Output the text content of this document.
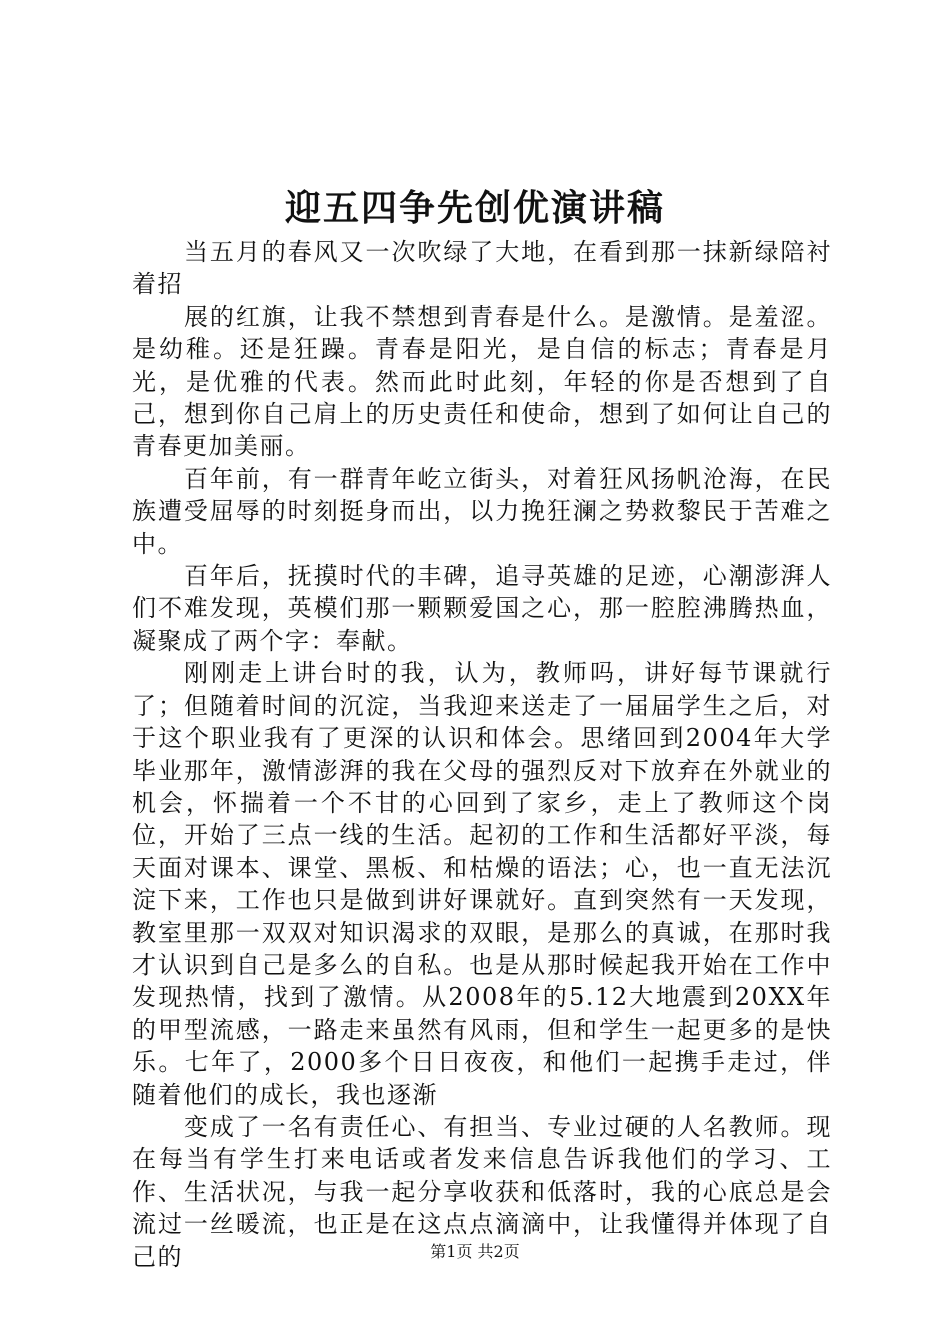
迎五四争先创优演讲稿

当五月的春风又一次吹绿了大地，在看到那一抹新绿陪衬着招

展的红旗，让我不禁想到青春是什么。是激情。是羞涩。是幼稚。还是狂躁。青春是阳光，是自信的标志；青春是月光，是优雅的代表。然而此时此刻，年轻的你是否想到了自己，想到你自己肩上的历史责任和使命，想到了如何让自己的青春更加美丽。

百年前，有一群青年屹立街头，对着狂风扬帆沧海，在民族遭受屈辱的时刻挺身而出，以力挽狂澜之势救黎民于苦难之中。

百年后，抚摸时代的丰碑，追寻英雄的足迹，心潮澎湃人们不难发现，英模们那一颗颗爱国之心，那一腔腔沸腾热血，凝聚成了两个字：奉献。

刚刚走上讲台时的我，认为，教师吗，讲好每节课就行了；但随着时间的沉淀，当我迎来送走了一届届学生之后，对于这个职业我有了更深的认识和体会。思绪回到2004年大学毕业那年，激情澎湃的我在父母的强烈反对下放弃在外就业的机会，怀揣着一个不甘的心回到了家乡，走上了教师这个岗位，开始了三点一线的生活。起初的工作和生活都好平淡，每天面对课本、课堂、黑板、和枯燥的语法；心，也一直无法沉淀下来，工作也只是做到讲好课就好。直到突然有一天发现，教室里那一双双对知识渴求的双眼，是那么的真诚，在那时我才认识到自己是多么的自私。也是从那时候起我开始在工作中发现热情，找到了激情。从2008年的5.12大地震到20XX年的甲型流感，一路走来虽然有风雨，但和学生一起更多的是快乐。七年了，2000多个日日夜夜，和他们一起携手走过，伴随着他们的成长，我也逐渐

变成了一名有责任心、有担当、专业过硬的人名教师。现在每当有学生打来电话或者发来信息告诉我他们的学习、工作、生活状况，与我一起分享收获和低落时，我的心底总是会流过一丝暖流，也正是在这点点滴滴中，让我懂得并体现了自己的	第1页 共2页
